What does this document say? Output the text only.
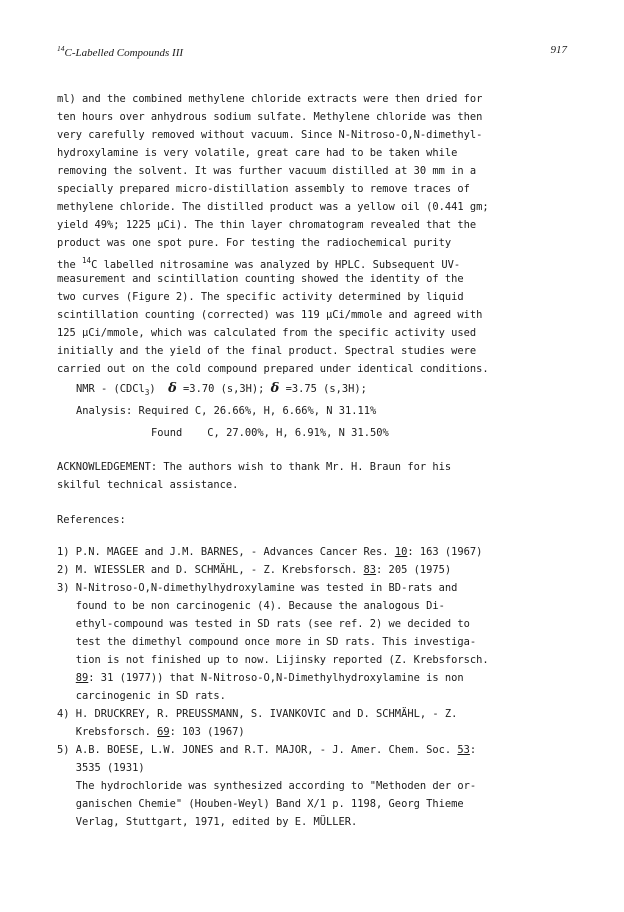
$^{14}$C-Labelled Compounds III	917
ml) and the combined methylene chloride extracts were then dried for
ten hours over anhydrous sodium sulfate. Methylene chloride was then
very carefully removed without vacuum. Since N-Nitroso-O,N-dimethyl-
hydroxylamine is very volatile, great care had to be taken while
removing the solvent. It was further vacuum distilled at 30 mm in a
specially prepared micro-distillation assembly to remove traces of
methylene chloride. The distilled product was a yellow oil (0.441 gm;
yield 49%; 1225 µCi). The thin layer chromatogram revealed that the
product was one spot pure. For testing the radiochemical purity
the $^{14}$C labelled nitrosamine was analyzed by HPLC. Subsequent UV-
measurement and scintillation counting showed the identity of the
two curves (Figure 2). The specific activity determined by liquid
scintillation counting (corrected) was 119 µCi/mmole and agreed with
125 µCi/mmole, which was calculated from the specific activity used
initially and the yield of the final product. Spectral studies were
carried out on the cold compound prepared under identical conditions.
NMR - (CDCl$_3$) δ =3.70 (s,3H); δ =3.75 (s,3H);
Analysis: Required C, 26.66%, H, 6.66%, N 31.11%
Found    C, 27.00%, H, 6.91%, N 31.50%
ACKNOWLEDGEMENT: The authors wish to thank Mr. H. Braun for his
skilful technical assistance.
References:
1) P.N. MAGEE and J.M. BARNES, - Advances Cancer Res. 10: 163 (1967)
2) M. WIESSLER and D. SCHMÄHL, - Z. Krebsforsch. 83: 205 (1975)
3) N-Nitroso-O,N-dimethylhydroxylamine was tested in BD-rats and
found to be non carcinogenic (4). Because the analogous Di-
ethyl-compound was tested in SD rats (see ref. 2) we decided to
test the dimethyl compound once more in SD rats. This investiga-
tion is not finished up to now. Lijinsky reported (Z. Krebsforsch.
89: 31 (1977)) that N-Nitroso-O,N-Dimethylhydroxylamine is non
carcinogenic in SD rats.
4) H. DRUCKREY, R. PREUSSMANN, S. IVANKOVIC and D. SCHMÄHL, - Z.
Krebsforsch. 69: 103 (1967)
5) A.B. BOESE, L.W. JONES and R.T. MAJOR, - J. Amer. Chem. Soc. 53:
3535 (1931)
The hydrochloride was synthesized according to "Methoden der or-
ganischen Chemie" (Houben-Weyl) Band X/1 p. 1198, Georg Thieme
Verlag, Stuttgart, 1971, edited by E. MÜLLER.
